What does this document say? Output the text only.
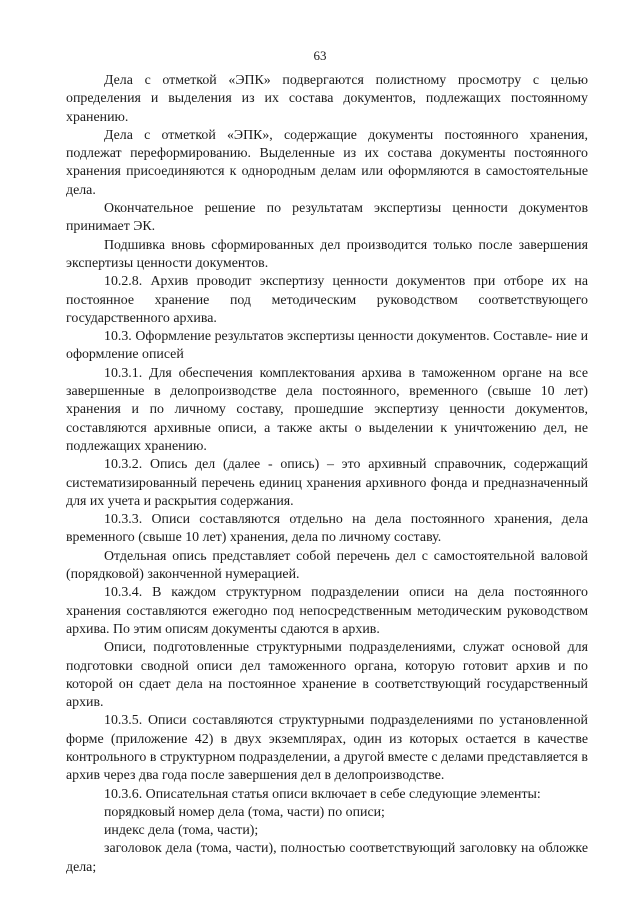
63

Дела с отметкой «ЭПК» подвергаются полистному просмотру с целью определения и выделения из их состава документов, подлежащих постоянному хранению.

Дела с отметкой «ЭПК», содержащие документы постоянного хранения, подлежат переформированию. Выделенные из их состава документы постоянного хранения присоединяются к однородным делам или оформляются в самостоятельные дела.

Окончательное решение по результатам экспертизы ценности документов принимает ЭК.

Подшивка вновь сформированных дел производится только после завершения экспертизы ценности документов.

10.2.8. Архив проводит экспертизу ценности документов при отборе их на постоянное хранение под методическим руководством соответствующего государственного архива.

10.3. Оформление результатов экспертизы ценности документов. Составле- ние и оформление описей

10.3.1. Для обеспечения комплектования архива в таможенном органе на все завершенные в делопроизводстве дела постоянного, временного (свыше 10 лет) хранения и по личному составу, прошедшие экспертизу ценности документов, составляются архивные описи, а также акты о выделении к уничтожению дел, не подлежащих хранению.

10.3.2. Опись дел (далее - опись) – это архивный справочник, содержащий систематизированный перечень единиц хранения архивного фонда и предназначенный для их учета и раскрытия содержания.

10.3.3. Описи составляются отдельно на дела постоянного хранения, дела временного (свыше 10 лет) хранения, дела по личному составу.

Отдельная опись представляет собой перечень дел с самостоятельной валовой (порядковой) законченной нумерацией.

10.3.4. В каждом структурном подразделении описи на дела постоянного хранения составляются ежегодно под непосредственным методическим руководством архива. По этим описям документы сдаются в архив.

Описи, подготовленные структурными подразделениями, служат основой для подготовки сводной описи дел таможенного органа, которую готовит архив и по которой он сдает дела на постоянное хранение в соответствующий государственный архив.

10.3.5. Описи составляются структурными подразделениями по установленной форме (приложение 42) в двух экземплярах, один из которых остается в качестве контрольного в структурном подразделении, а другой вместе с делами представляется в архив через два года после завершения дел в делопроизводстве.

10.3.6. Описательная статья описи включает в себе следующие элементы:

порядковый номер дела (тома, части) по описи;

индекс дела (тома, части);

заголовок дела (тома, части), полностью соответствующий заголовку на обложке дела;
